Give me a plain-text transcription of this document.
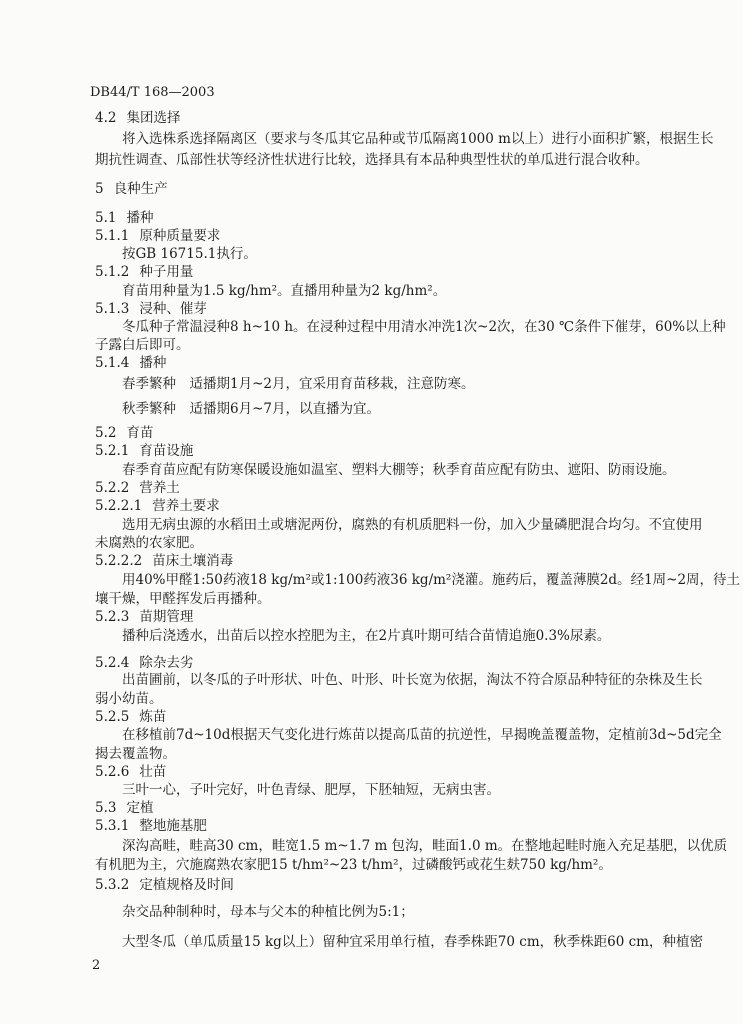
DB44/T 168—2003
4.2 集团选择
将入选株系选择隔离区（要求与冬瓜其它品种或节瓜隔离1000 m以上）进行小面积扩繁，根据生长
期抗性调查、瓜部性状等经济性状进行比较，选择具有本品种典型性状的单瓜进行混合收种。
5 良种生产
5.1 播种
5.1.1 原种质量要求
按GB 16715.1执行。
5.1.2 种子用量
育苗用种量为1.5 kg/hm²。直播用种量为2 kg/hm²。
5.1.3 浸种、催芽
冬瓜种子常温浸种8 h~10 h。在浸种过程中用清水冲洗1次~2次，在30 ℃条件下催芽，60%以上种
子露白后即可。
5.1.4 播种
春季繁种　适播期1月~2月，宜采用育苗移栽，注意防寒。
秋季繁种　适播期6月~7月，以直播为宜。
5.2 育苗
5.2.1 育苗设施
春季育苗应配有防寒保暖设施如温室、塑料大棚等；秋季育苗应配有防虫、遮阳、防雨设施。
5.2.2 营养土
5.2.2.1 营养土要求
选用无病虫源的水稻田土或塘泥两份，腐熟的有机质肥料一份，加入少量磷肥混合均匀。不宜使用
未腐熟的农家肥。
5.2.2.2 苗床土壤消毒
用40%甲醛1:50药液18 kg/m²或1:100药液36 kg/m²浇灌。施药后，覆盖薄膜2d。经1周~2周，待土
壤干燥，甲醛挥发后再播种。
5.2.3 苗期管理
播种后浇透水，出苗后以控水控肥为主，在2片真叶期可结合苗情追施0.3%尿素。
5.2.4 除杂去劣
出苗圃前，以冬瓜的子叶形状、叶色、叶形、叶长宽为依据，淘汰不符合原品种特征的杂株及生长
弱小幼苗。
5.2.5 炼苗
在移植前7d~10d根据天气变化进行炼苗以提高瓜苗的抗逆性，早揭晚盖覆盖物，定植前3d~5d完全
揭去覆盖物。
5.2.6 壮苗
三叶一心，子叶完好，叶色青绿、肥厚，下胚轴短，无病虫害。
5.3 定植
5.3.1 整地施基肥
深沟高畦，畦高30 cm，畦宽1.5 m~1.7 m 包沟，畦面1.0 m。在整地起畦时施入充足基肥，以优质
有机肥为主，穴施腐熟农家肥15 t/hm²~23 t/hm²，过磷酸钙或花生麸750 kg/hm²。
5.3.2 定植规格及时间
杂交品种制种时，母本与父本的种植比例为5:1；
大型冬瓜（单瓜质量15 kg以上）留种宜采用单行植，春季株距70 cm，秋季株距60 cm，种植密
2
